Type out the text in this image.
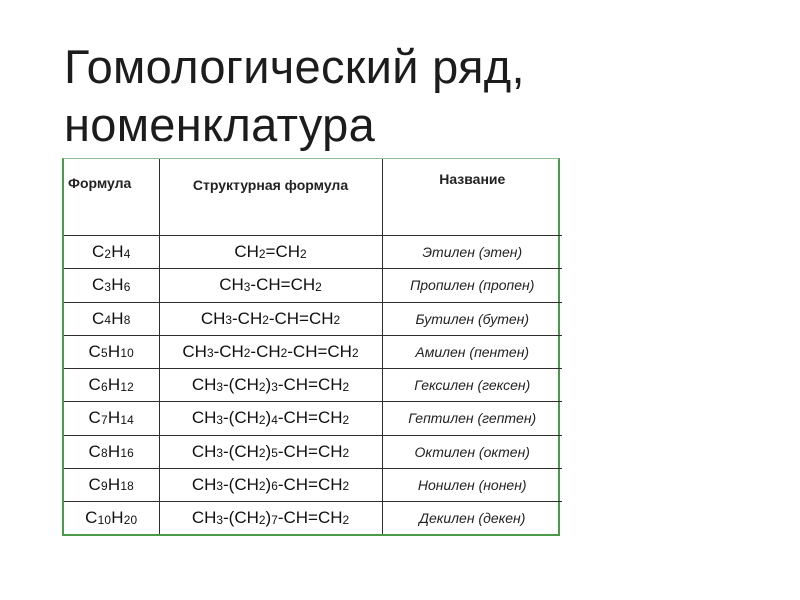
Гомологический ряд,
номенклатура
Формула	Структурная формула	Название
$C_2H_4$	$CH_2=CH_2$	Этилен (этен)
$C_3H_6$	$CH_3-CH=CH_2$	Пропилен (пропен)
$C_4H_8$	$CH_3-CH_2-CH=CH_2$	Бутилен (бутен)
$C_5H_{10}$	$CH_3-CH_2-CH_2-CH=CH_2$	Амилен (пентен)
$C_6H_{12}$	$CH_3-(CH_2)_3-CH=CH_2$	Гексилен (гексен)
$C_7H_{14}$	$CH_3-(CH_2)_4-CH=CH_2$	Гептилен (гептен)
$C_8H_{16}$	$CH_3-(CH_2)_5-CH=CH_2$	Октилен (октен)
$C_9H_{18}$	$CH_3-(CH_2)_6-CH=CH_2$	Нонилен (нонен)
$C_{10}H_{20}$	$CH_3-(CH_2)_7-CH=CH_2$	Декилен (декен)
